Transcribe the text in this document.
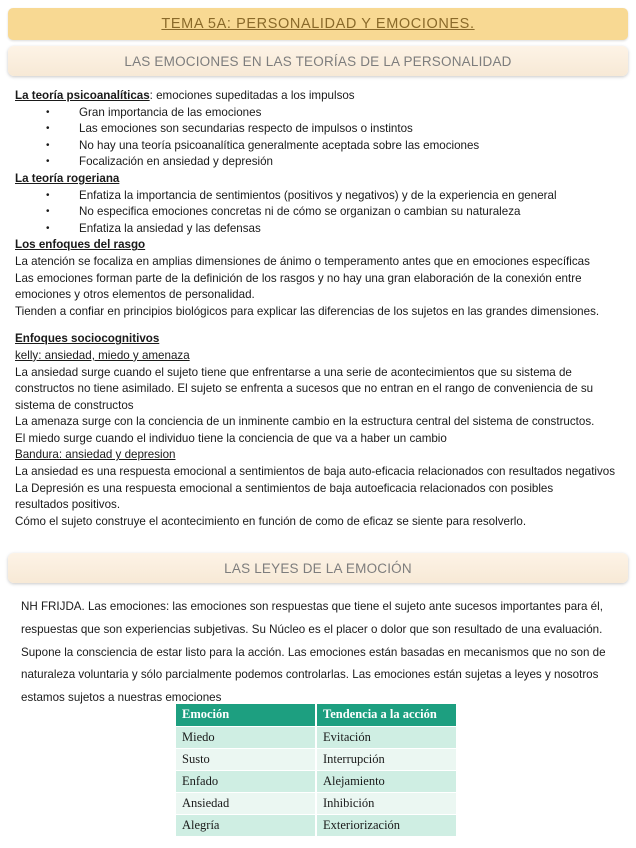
TEMA 5A: PERSONALIDAD Y EMOCIONES.
LAS EMOCIONES EN LAS TEORÍAS DE LA PERSONALIDAD
La teoría psicoanalíticas: emociones supeditadas a los impulsos
•	Gran importancia de las emociones
•	Las emociones son secundarias respecto de impulsos o instintos
•	No hay una teoría psicoanalítica generalmente aceptada sobre las emociones
•	Focalización en ansiedad y depresión
La teoría rogeriana
•	Enfatiza la importancia de sentimientos (positivos y negativos) y de la experiencia en general
•	No especifica emociones concretas ni de cómo se organizan o cambian su naturaleza
•	Enfatiza la ansiedad y las defensas
Los enfoques del rasgo
La atención se focaliza en amplias dimensiones de ánimo o temperamento antes que en emociones específicas
Las emociones forman parte de la definición de los rasgos y no hay una gran elaboración de la conexión entre
emociones y otros elementos de personalidad.
Tienden a confiar en principios biológicos para explicar las diferencias de los sujetos en las grandes dimensiones.
Enfoques sociocognitivos
kelly: ansiedad, miedo y amenaza
La ansiedad surge cuando el sujeto tiene que enfrentarse a una serie de acontecimientos que su sistema de
constructos no tiene asimilado. El sujeto se enfrenta a sucesos que no entran en el rango de conveniencia de su
sistema de constructos
La amenaza surge con la conciencia de un inminente cambio en la estructura central del sistema de constructos.
El miedo surge cuando el individuo tiene la conciencia de que va a haber un cambio
Bandura: ansiedad y depresion
La ansiedad es una respuesta emocional a sentimientos de baja auto-eficacia relacionados con resultados negativos
La Depresión es una respuesta emocional a sentimientos de baja autoeficacia relacionados con posibles
resultados positivos.
Cómo el sujeto construye el acontecimiento en función de como de eficaz se siente para resolverlo.
LAS LEYES DE LA EMOCIÓN

NH FRIJDA. Las emociones: las emociones son respuestas que tiene el sujeto ante sucesos importantes para él,

respuestas que son experiencias subjetivas. Su Núcleo es el placer o dolor que son resultado de una evaluación.

Supone la consciencia de estar listo para la acción. Las emociones están basadas en mecanismos que no son de

naturaleza voluntaria y sólo parcialmente podemos controlarlas. Las emociones están sujetas a leyes y nosotros

estamos sujetos a nuestras emociones

Emoción	Tendencia a la acción
Miedo	Evitación
Susto	Interrupción
Enfado	Alejamiento
Ansiedad	Inhibición
Alegría	Exteriorización
